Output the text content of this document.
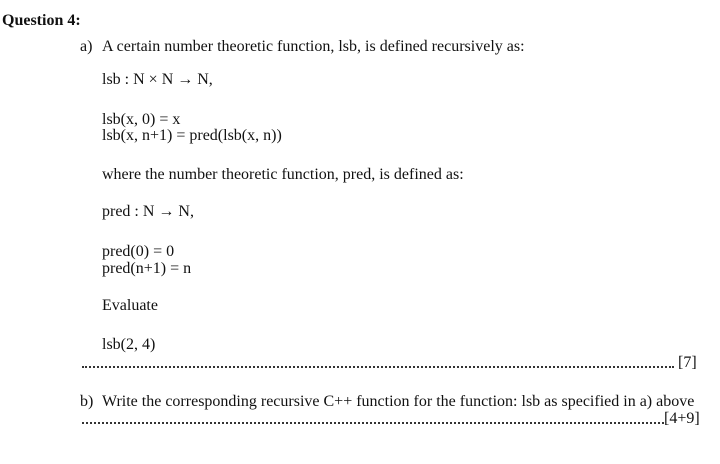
Question 4:
a) A certain number theoretic function, lsb, is defined recursively as:
lsb : N × N → N,
lsb(x, 0) = x
lsb(x, n+1) = pred(lsb(x, n))
where the number theoretic function, pred, is defined as:
pred : N → N,
pred(0) = 0
pred(n+1) = n
Evaluate
lsb(2, 4)
[7]
b) Write the corresponding recursive C++ function for the function: lsb as specified in a) above
[4+9]
